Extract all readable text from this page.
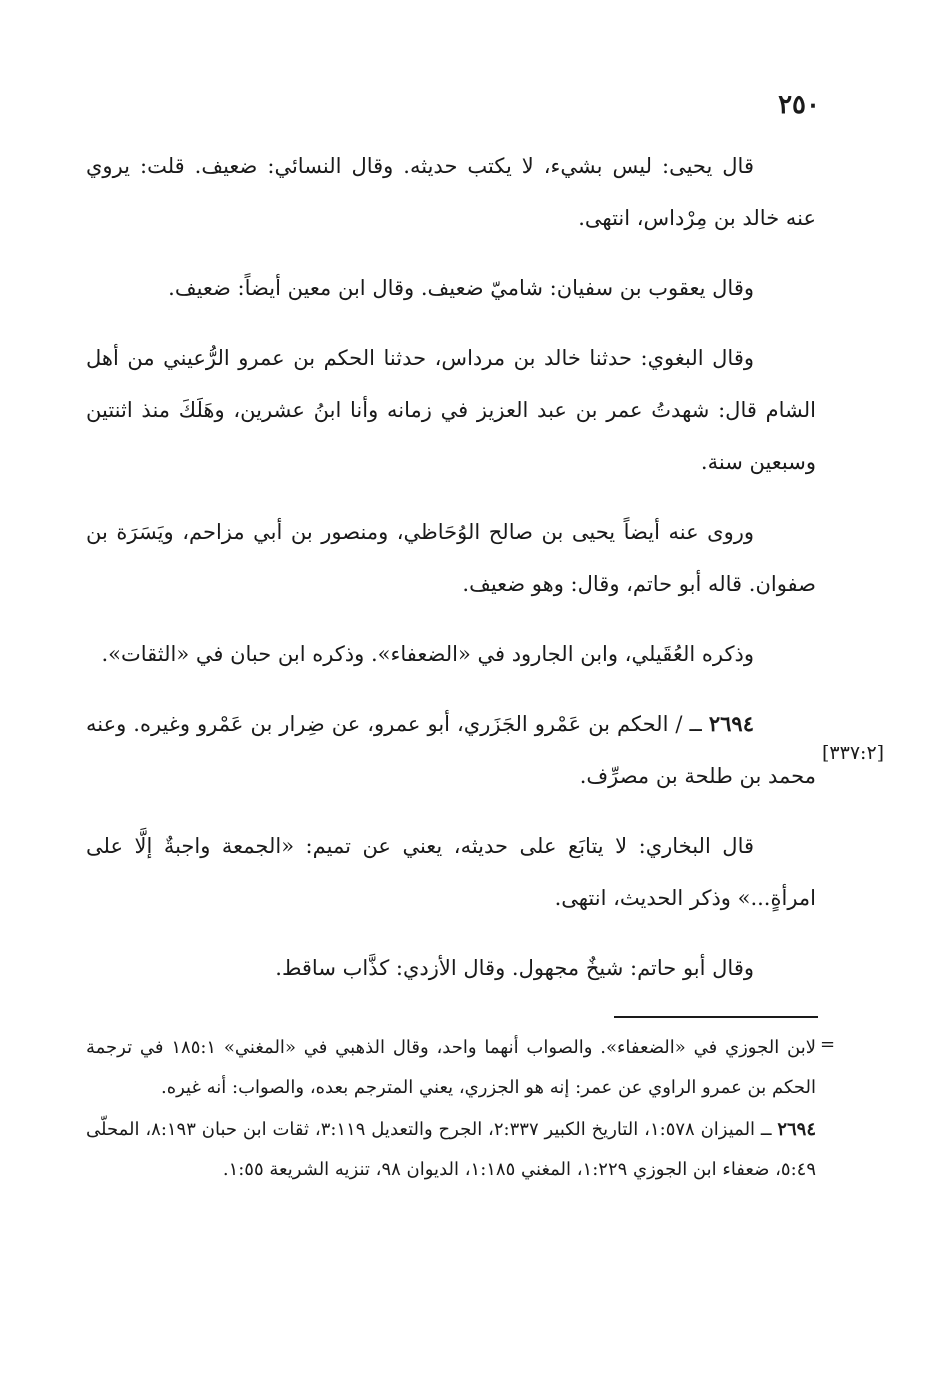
٢٥٠

قال يحيى: ليس بشيء، لا يكتب حديثه. وقال النسائي: ضعيف. قلت: يروي عنه خالد بن مِرْداس، انتهى.

وقال يعقوب بن سفيان: شاميّ ضعيف. وقال ابن معين أيضاً: ضعيف.

وقال البغوي: حدثنا خالد بن مرداس، حدثنا الحكم بن عمرو الرُّعيني من أهل الشام قال: شهدتُ عمر بن عبد العزيز في زمانه وأنا ابنُ عشرين، وهَلَكَ منذ اثنتين وسبعين سنة.

وروى عنه أيضاً يحيى بن صالح الوُحَاظي، ومنصور بن أبي مزاحم، ويَسَرَة بن صفوان. قاله أبو حاتم، وقال: وهو ضعيف.

وذكره العُقَيلي، وابن الجارود في «الضعفاء». وذكره ابن حبان في «الثقات».

٢٦٩٤ ــ / الحكم بن عَمْرو الجَزَري، أبو عمرو، عن ضِرار بن عَمْرو وغيره. وعنه محمد بن طلحة بن مصرِّف.

قال البخاري: لا يتابَع على حديثه، يعني عن تميم: «الجمعة واجبةٌ إلَّا على امرأةٍ...» وذكر الحديث، انتهى.

وقال أبو حاتم: شيخٌ مجهول. وقال الأزدي: كذَّاب ساقط.

[٣٣٧:٢]
=

لابن الجوزي في «الضعفاء». والصواب أنهما واحد، وقال الذهبي في «المغني» ١٨٥:١ في ترجمة الحكم بن عمرو الراوي عن عمر: إنه هو الجزري، يعني المترجم بعده، والصواب: أنه غيره.

٢٦٩٤ ــ الميزان ١:٥٧٨، التاريخ الكبير ٢:٣٣٧، الجرح والتعديل ٣:١١٩، ثقات ابن حبان ٨:١٩٣، المحلّى ٥:٤٩، ضعفاء ابن الجوزي ١:٢٢٩، المغني ١:١٨٥، الديوان ٩٨، تنزيه الشريعة ١:٥٥.
